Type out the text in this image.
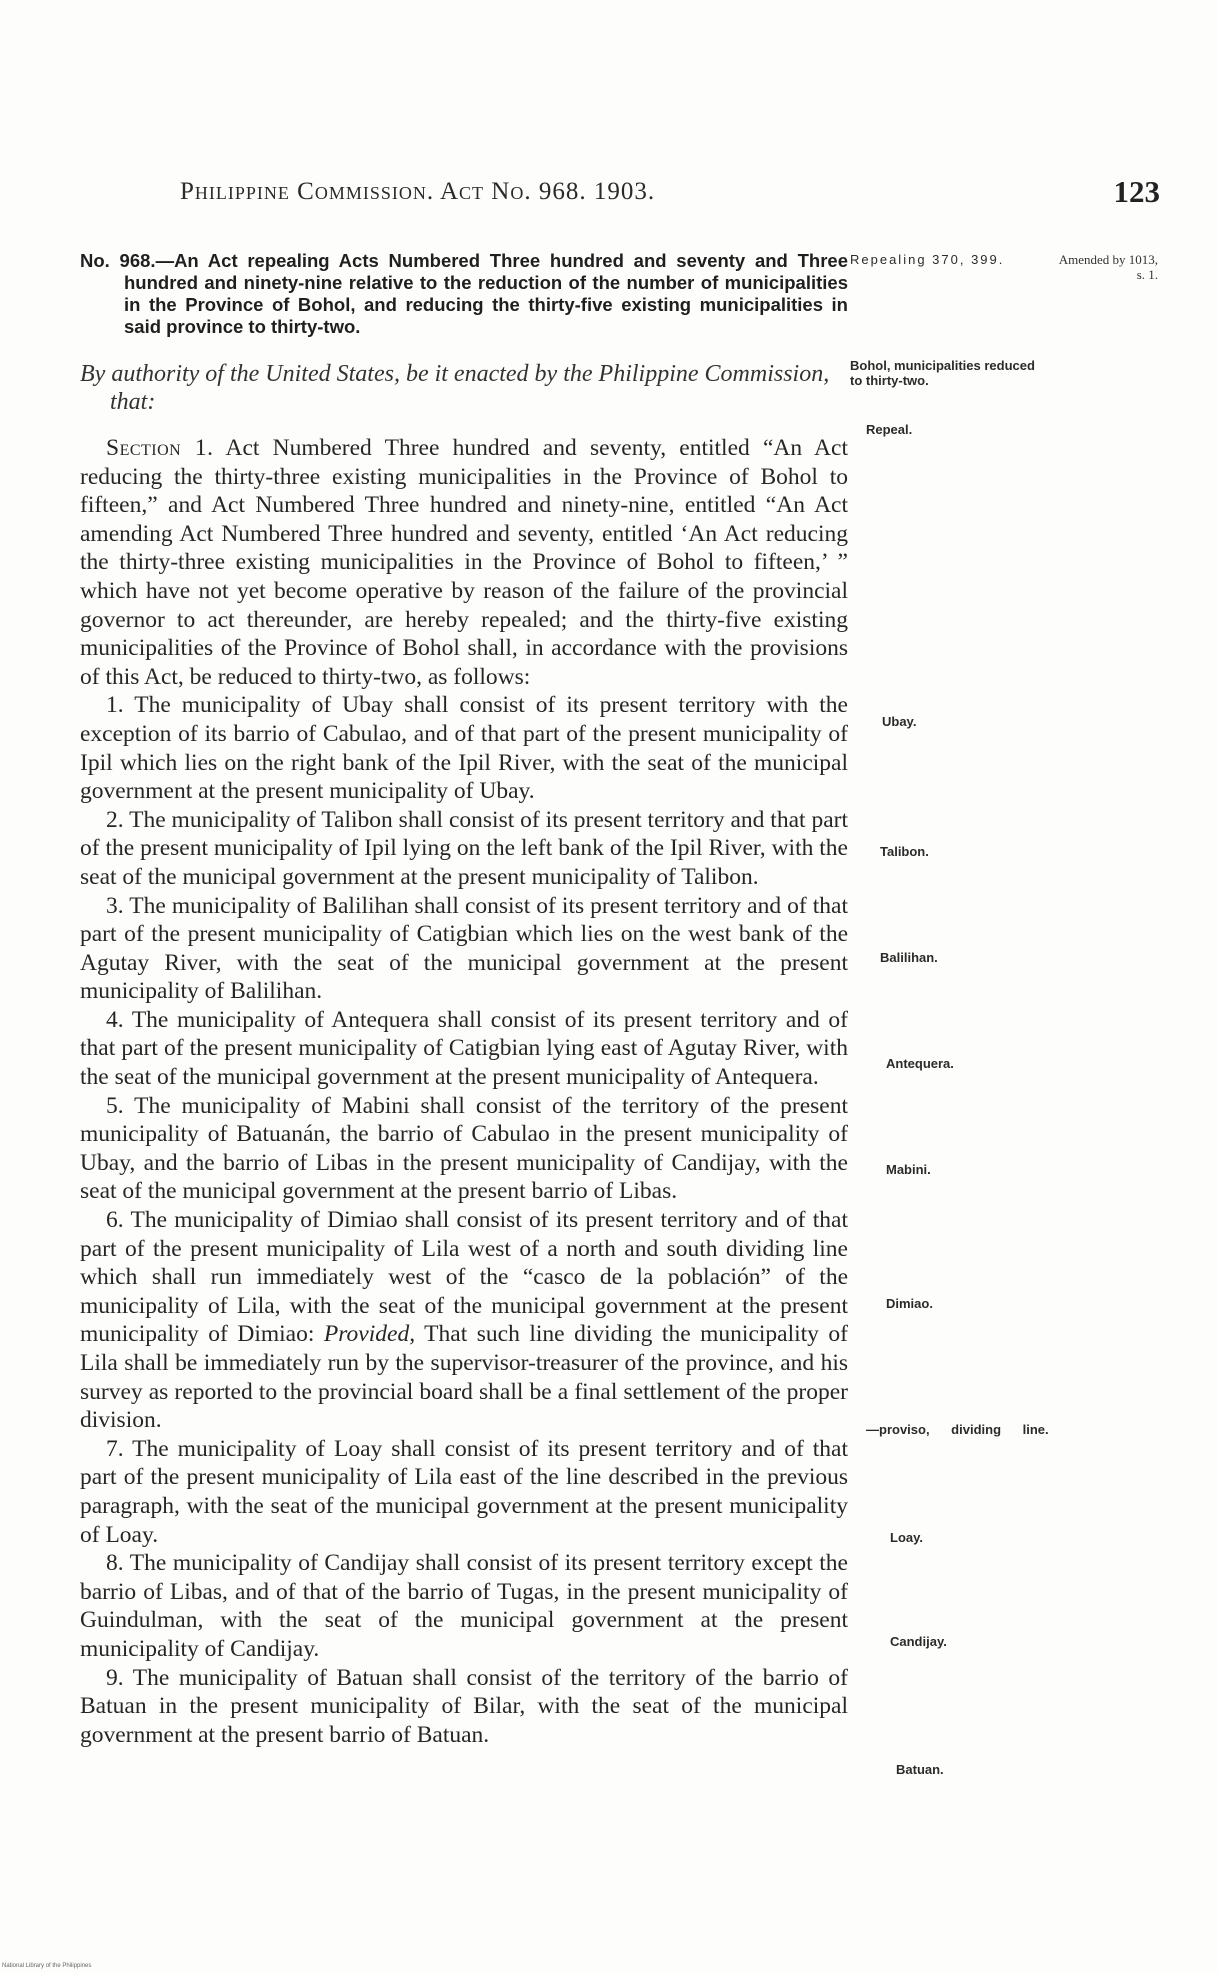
Philippine Commission. Act No. 968. 1903.	123

No. 968.—An Act repealing Acts Numbered Three hundred and seventy and Three hundred and ninety-nine relative to the reduction of the number of municipalities in the Province of Bohol, and reducing the thirty-five existing municipalities in said province to thirty-two.

By authority of the United States, be it enacted by the Philippine Commission, that:

Section 1. Act Numbered Three hundred and seventy, entitled “An Act reducing the thirty-three existing municipalities in the Province of Bohol to fifteen,” and Act Numbered Three hundred and ninety-nine, entitled “An Act amending Act Numbered Three hundred and seventy, entitled ‘An Act reducing the thirty-three existing municipalities in the Province of Bohol to fifteen,’ ” which have not yet become operative by reason of the failure of the provincial governor to act thereunder, are hereby repealed; and the thirty-five existing municipalities of the Province of Bohol shall, in accordance with the provisions of this Act, be reduced to thirty-two, as follows:

1. The municipality of Ubay shall consist of its present territory with the exception of its barrio of Cabulao, and of that part of the present municipality of Ipil which lies on the right bank of the Ipil River, with the seat of the municipal government at the present municipality of Ubay.

2. The municipality of Talibon shall consist of its present territory and that part of the present municipality of Ipil lying on the left bank of the Ipil River, with the seat of the municipal government at the present municipality of Talibon.

3. The municipality of Balilihan shall consist of its present territory and of that part of the present municipality of Catigbian which lies on the west bank of the Agutay River, with the seat of the municipal government at the present municipality of Balilihan.

4. The municipality of Antequera shall consist of its present territory and of that part of the present municipality of Catigbian lying east of Agutay River, with the seat of the municipal government at the present municipality of Antequera.

5. The municipality of Mabini shall consist of the territory of the present municipality of Batuanán, the barrio of Cabulao in the present municipality of Ubay, and the barrio of Libas in the present municipality of Candijay, with the seat of the municipal government at the present barrio of Libas.

6. The municipality of Dimiao shall consist of its present territory and of that part of the present municipality of Lila west of a north and south dividing line which shall run immediately west of the “casco de la población” of the municipality of Lila, with the seat of the municipal government at the present municipality of Dimiao: Provided, That such line dividing the municipality of Lila shall be immediately run by the supervisor-treasurer of the province, and his survey as reported to the provincial board shall be a final settlement of the proper division.

7. The municipality of Loay shall consist of its present territory and of that part of the present municipality of Lila east of the line described in the previous paragraph, with the seat of the municipal government at the present municipality of Loay.

8. The municipality of Candijay shall consist of its present territory except the barrio of Libas, and of that of the barrio of Tugas, in the present municipality of Guindulman, with the seat of the municipal government at the present municipality of Candijay.

9. The municipality of Batuan shall consist of the territory of the barrio of Batuan in the present municipality of Bilar, with the seat of the municipal government at the present barrio of Batuan.

Repealing 370, 399.	Amended by 1013, s. 1.
Bohol, municipalities reduced to thirty-two.
Repeal.
Ubay.
Talibon.
Balilihan.
Antequera.
Mabini.
Dimiao.
—proviso, dividing line.
Loay.
Candijay.
Batuan.
National Library of the Philippines
